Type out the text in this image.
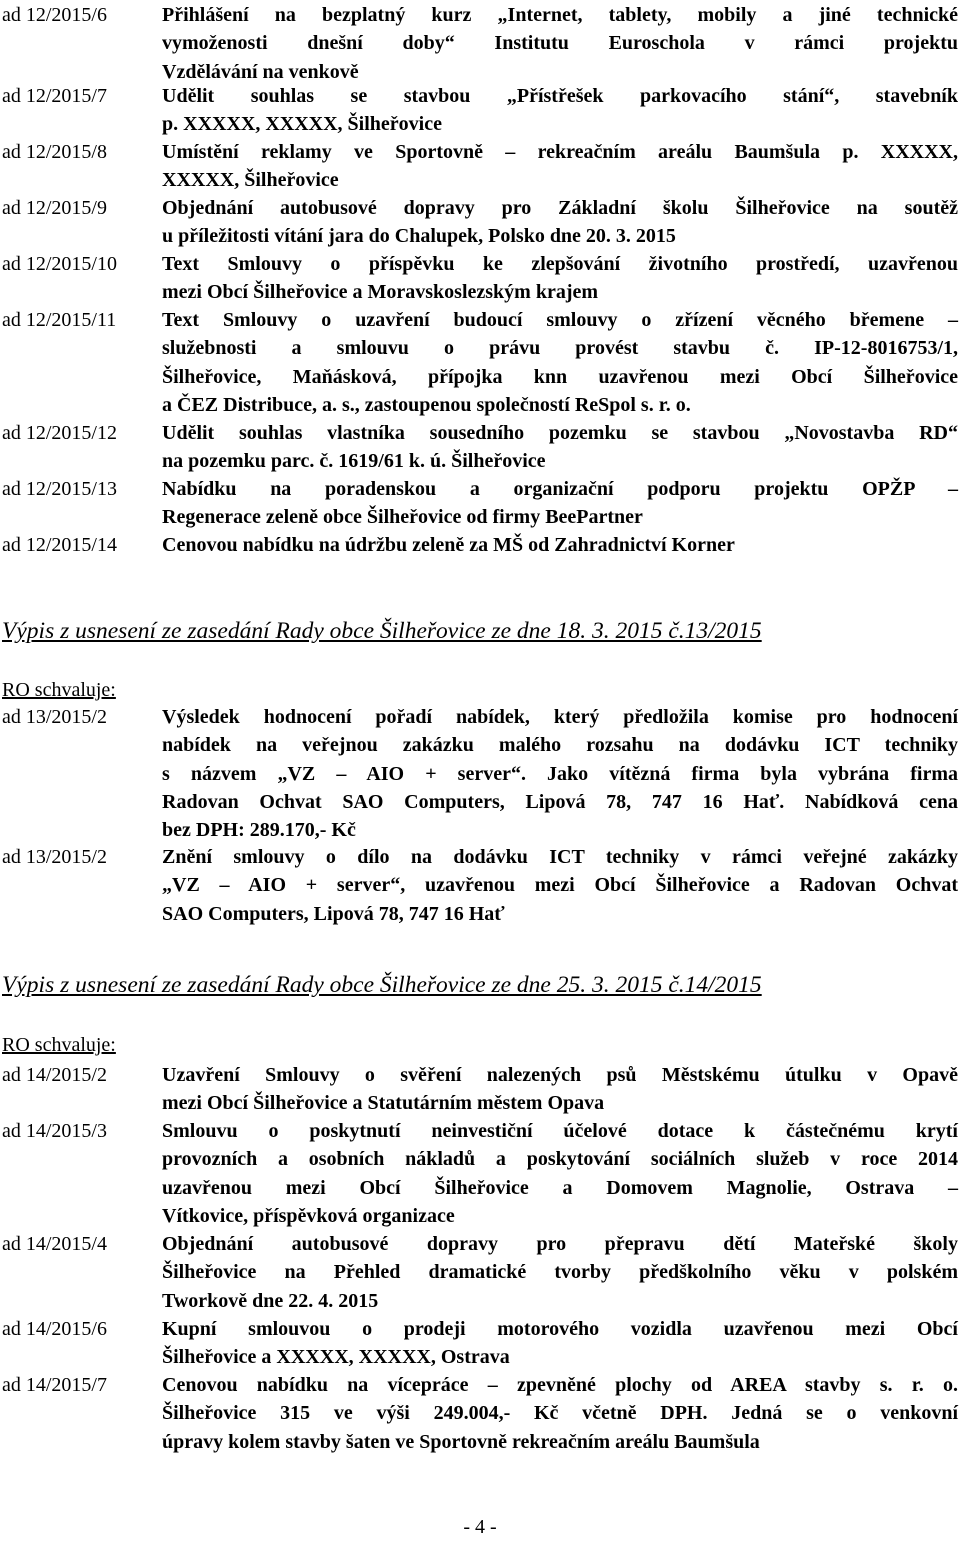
ad 12/2015/6	Přihlášení na bezplatný kurz „Internet, tablety, mobily a jiné technické
vymoženosti dnešní doby“ Institutu Euroschola v rámci projektu
Vzdělávání na venkově
ad 12/2015/7	Udělit souhlas se stavbou „Přístřešek parkovacího stání“, stavebník
p. XXXXX, XXXXX, Šilheřovice
ad 12/2015/8	Umístění reklamy ve Sportovně – rekreačním areálu Baumšula p. XXXXX,
XXXXX, Šilheřovice
ad 12/2015/9	Objednání autobusové dopravy pro Základní školu Šilheřovice na soutěž
u příležitosti vítání jara do Chalupek, Polsko dne 20. 3. 2015
ad 12/2015/10 Text Smlouvy o příspěvku ke zlepšování životního prostředí, uzavřenou
mezi Obcí Šilheřovice a Moravskoslezským krajem
ad 12/2015/11 Text Smlouvy o uzavření budoucí smlouvy o zřízení věcného břemene –
služebnosti a smlouvu o právu provést stavbu č. IP-12-8016753/1,
Šilheřovice, Maňásková, přípojka knn uzavřenou mezi Obcí Šilheřovice
a ČEZ Distribuce, a. s., zastoupenou společností ReSpol s. r. o.
ad 12/2015/12 Udělit souhlas vlastníka sousedního pozemku se stavbou „Novostavba RD“
na pozemku parc. č. 1619/61 k. ú. Šilheřovice
ad 12/2015/13 Nabídku na poradenskou a organizační podporu projektu OPŽP –
Regenerace zeleně obce Šilheřovice od firmy BeePartner
ad 12/2015/14 Cenovou nabídku na údržbu zeleně za MŠ od Zahradnictví Korner
Výpis z usnesení ze zasedání Rady obce Šilheřovice ze dne 18. 3. 2015 č.13/2015
RO schvaluje:
ad 13/2015/2	Výsledek hodnocení pořadí nabídek, který předložila komise pro hodnocení
nabídek na veřejnou zakázku malého rozsahu na dodávku ICT techniky
s názvem „VZ – AIO + server“. Jako vítězná firma byla vybrána firma
Radovan Ochvat SAO Computers, Lipová 78, 747 16 Hať. Nabídková cena
bez DPH: 289.170,- Kč
ad 13/2015/2	Znění smlouvy o dílo na dodávku ICT techniky v rámci veřejné zakázky
„VZ – AIO + server“, uzavřenou mezi Obcí Šilheřovice a Radovan Ochvat
SAO Computers, Lipová 78, 747 16 Hať
Výpis z usnesení ze zasedání Rady obce Šilheřovice ze dne 25. 3. 2015 č.14/2015
RO schvaluje:
ad 14/2015/2	Uzavření Smlouvy o svěření nalezených psů Městskému útulku v Opavě
mezi Obcí Šilheřovice a Statutárním městem Opava
ad 14/2015/3	Smlouvu o poskytnutí neinvestiční účelové dotace k částečnému krytí
provozních a osobních nákladů a poskytování sociálních služeb v roce 2014
uzavřenou mezi Obcí Šilheřovice a Domovem Magnolie, Ostrava –
Vítkovice, příspěvková organizace
ad 14/2015/4	Objednání autobusové dopravy pro přepravu dětí Mateřské školy
Šilheřovice na Přehled dramatické tvorby předškolního věku v polském
Tworkově dne 22. 4. 2015
ad 14/2015/6	Kupní smlouvou o prodeji motorového vozidla uzavřenou mezi Obcí
Šilheřovice a XXXXX, XXXXX, Ostrava
ad 14/2015/7	Cenovou nabídku na vícepráce – zpevněné plochy od AREA stavby s. r. o.
Šilheřovice 315 ve výši 249.004,- Kč včetně DPH. Jedná se o venkovní
úpravy kolem stavby šaten ve Sportovně rekreačním areálu Baumšula
- 4 -
